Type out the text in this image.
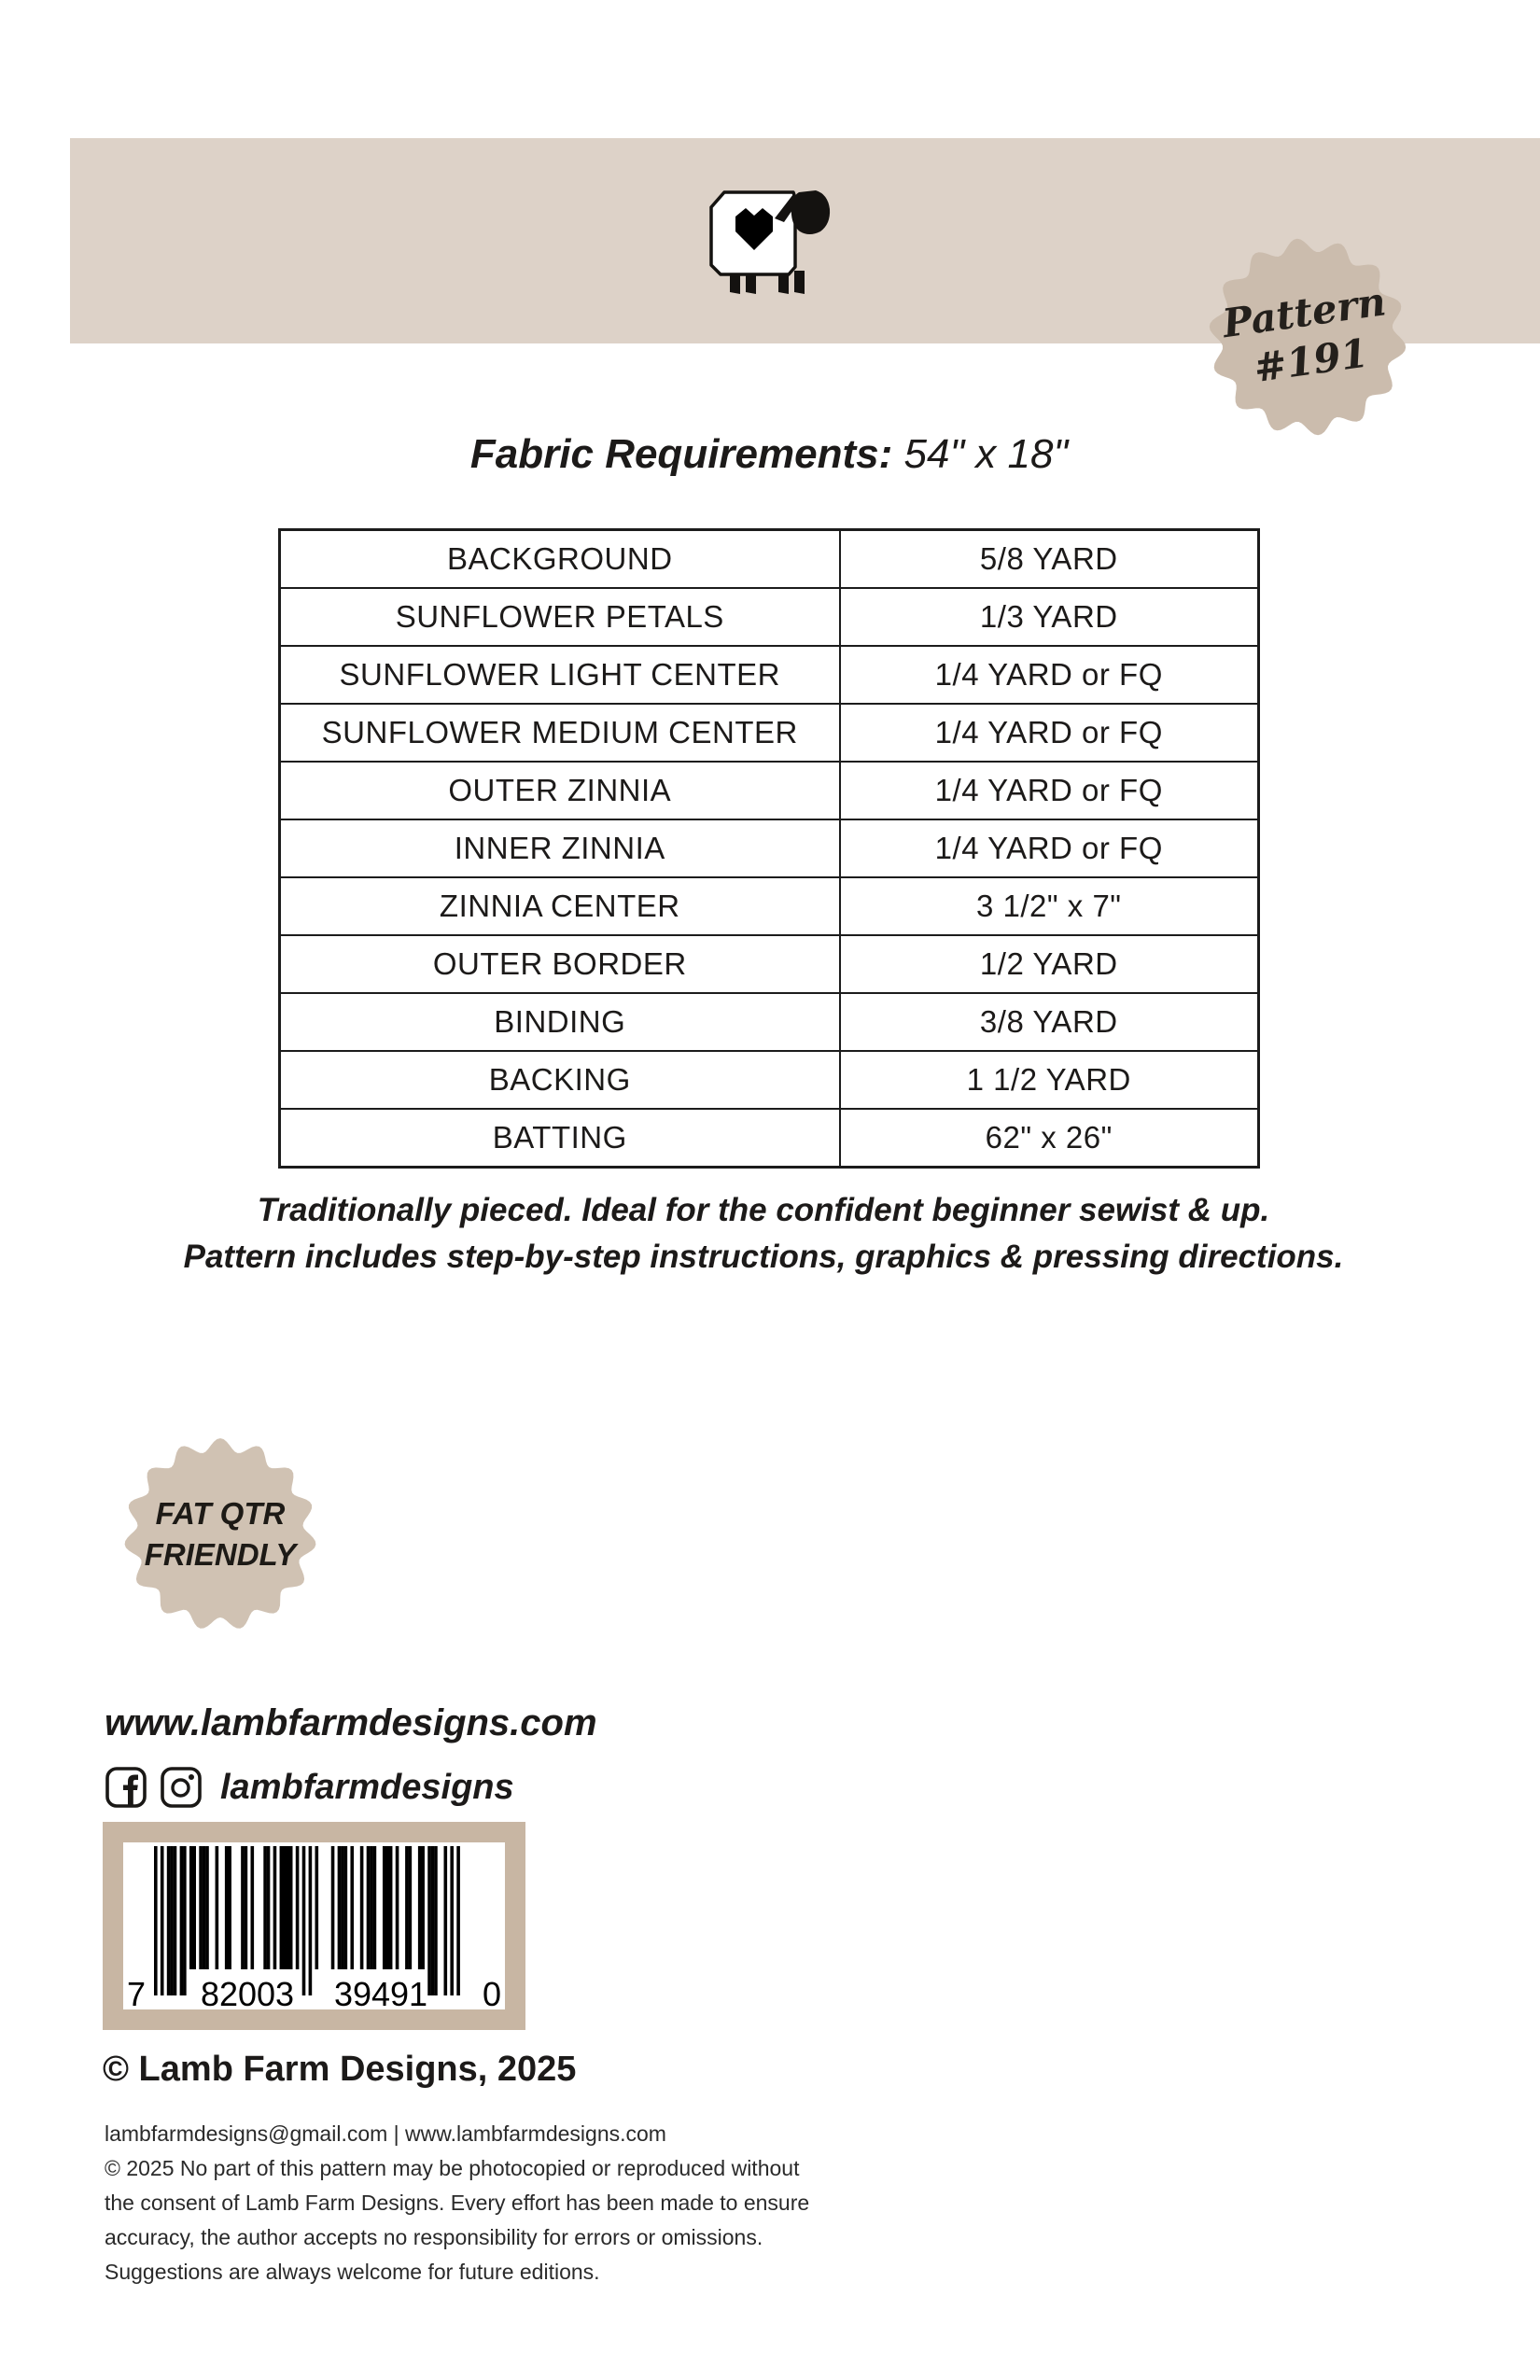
Pattern
#191
Fabric Requirements: 54" x 18"
BACKGROUND	5/8 YARD
SUNFLOWER PETALS	1/3 YARD
SUNFLOWER LIGHT CENTER	1/4 YARD or FQ
SUNFLOWER MEDIUM CENTER	1/4 YARD or FQ
OUTER ZINNIA	1/4 YARD or FQ
INNER ZINNIA	1/4 YARD or FQ
ZINNIA CENTER	3 1/2" x 7"
OUTER BORDER	1/2 YARD
BINDING	3/8 YARD
BACKING	1 1/2 YARD
BATTING	62" x 26"
Traditionally pieced. Ideal for the confident beginner sewist & up.
Pattern includes step-by-step instructions, graphics & pressing directions.
FAT QTR
FRIENDLY
www.lambfarmdesigns.com
lambfarmdesigns
7 82003 39491 0
© Lamb Farm Designs, 2025
lambfarmdesigns@gmail.com | www.lambfarmdesigns.com
© 2025 No part of this pattern may be photocopied or reproduced without
the consent of Lamb Farm Designs. Every effort has been made to ensure
accuracy, the author accepts no responsibility for errors or omissions.
Suggestions are always welcome for future editions.
